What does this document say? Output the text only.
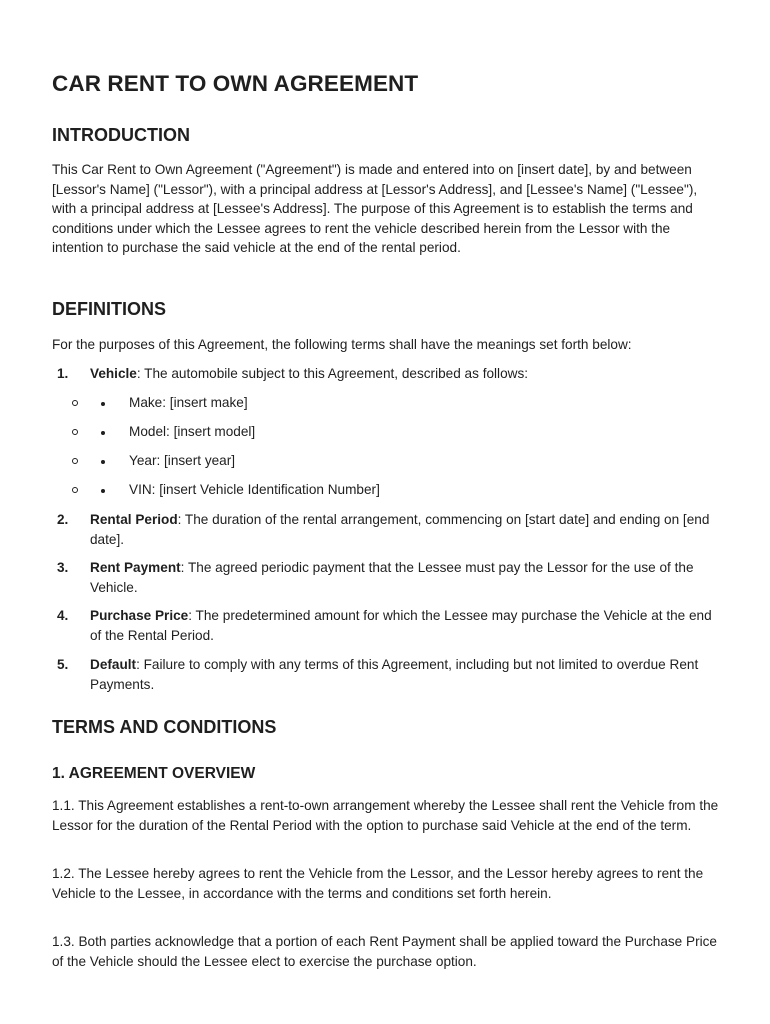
CAR RENT TO OWN AGREEMENT
INTRODUCTION

This Car Rent to Own Agreement ("Agreement") is made and entered into on [insert date], by and between [Lessor's Name] ("Lessor"), with a principal address at [Lessor's Address], and [Lessee's Name] ("Lessee"), with a principal address at [Lessee's Address]. The purpose of this Agreement is to establish the terms and conditions under which the Lessee agrees to rent the vehicle described herein from the Lessor with the intention to purchase the said vehicle at the end of the rental period.

DEFINITIONS

For the purposes of this Agreement, the following terms shall have the meanings set forth below:

1. Vehicle: The automobile subject to this Agreement, described as follows:
Make: [insert make]
Model: [insert model]
Year: [insert year]
VIN: [insert Vehicle Identification Number]
2. Rental Period: The duration of the rental arrangement, commencing on [start date] and ending on [end date].
3. Rent Payment: The agreed periodic payment that the Lessee must pay the Lessor for the use of the Vehicle.
4. Purchase Price: The predetermined amount for which the Lessee may purchase the Vehicle at the end of the Rental Period.
5. Default: Failure to comply with any terms of this Agreement, including but not limited to overdue Rent Payments.
TERMS AND CONDITIONS
1. AGREEMENT OVERVIEW

1.1. This Agreement establishes a rent-to-own arrangement whereby the Lessee shall rent the Vehicle from the Lessor for the duration of the Rental Period with the option to purchase said Vehicle at the end of the term.

1.2. The Lessee hereby agrees to rent the Vehicle from the Lessor, and the Lessor hereby agrees to rent the Vehicle to the Lessee, in accordance with the terms and conditions set forth herein.

1.3. Both parties acknowledge that a portion of each Rent Payment shall be applied toward the Purchase Price of the Vehicle should the Lessee elect to exercise the purchase option.
